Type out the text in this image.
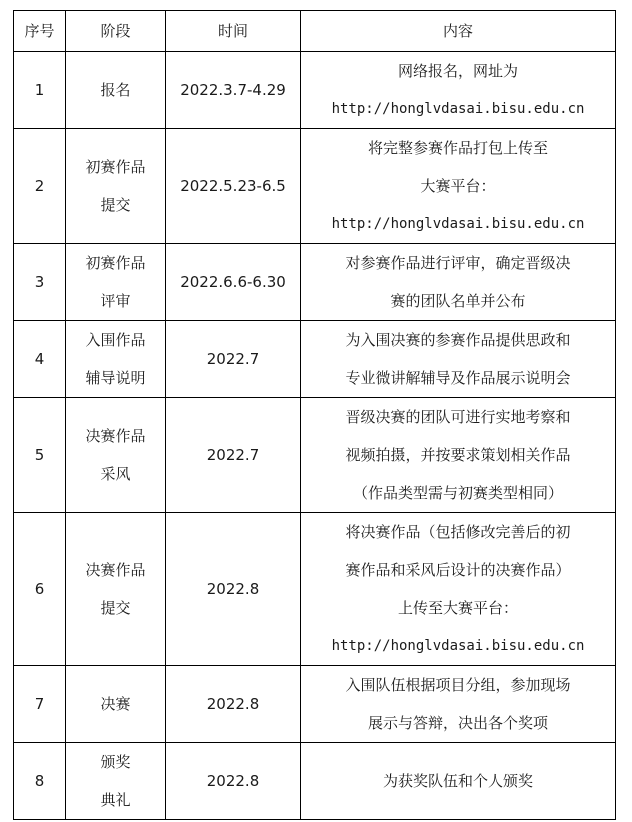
序号	阶段	时间	内容
1	报名	2022.3.7-4.29	网络报名，网址为
http://honglvdasai.bisu.edu.cn

2	初赛作品
提交	2022.5.23-6.5	将完整参赛作品打包上传至
大赛平台：
http://honglvdasai.bisu.edu.cn

3	初赛作品
评审	2022.6.6-6.30	对参赛作品进行评审，确定晋级决
赛的团队名单并公布

4	入围作品
辅导说明	2022.7	为入围决赛的参赛作品提供思政和
专业微讲解辅导及作品展示说明会

5	决赛作品
采风	2022.7	晋级决赛的团队可进行实地考察和
视频拍摄，并按要求策划相关作品
（作品类型需与初赛类型相同）

6	决赛作品
提交	2022.8	将决赛作品（包括修改完善后的初
赛作品和采风后设计的决赛作品）
上传至大赛平台：
http://honglvdasai.bisu.edu.cn

7	决赛	2022.8	入围队伍根据项目分组，参加现场
展示与答辩，决出各个奖项

8	颁奖
典礼	2022.8	为获奖队伍和个人颁奖
